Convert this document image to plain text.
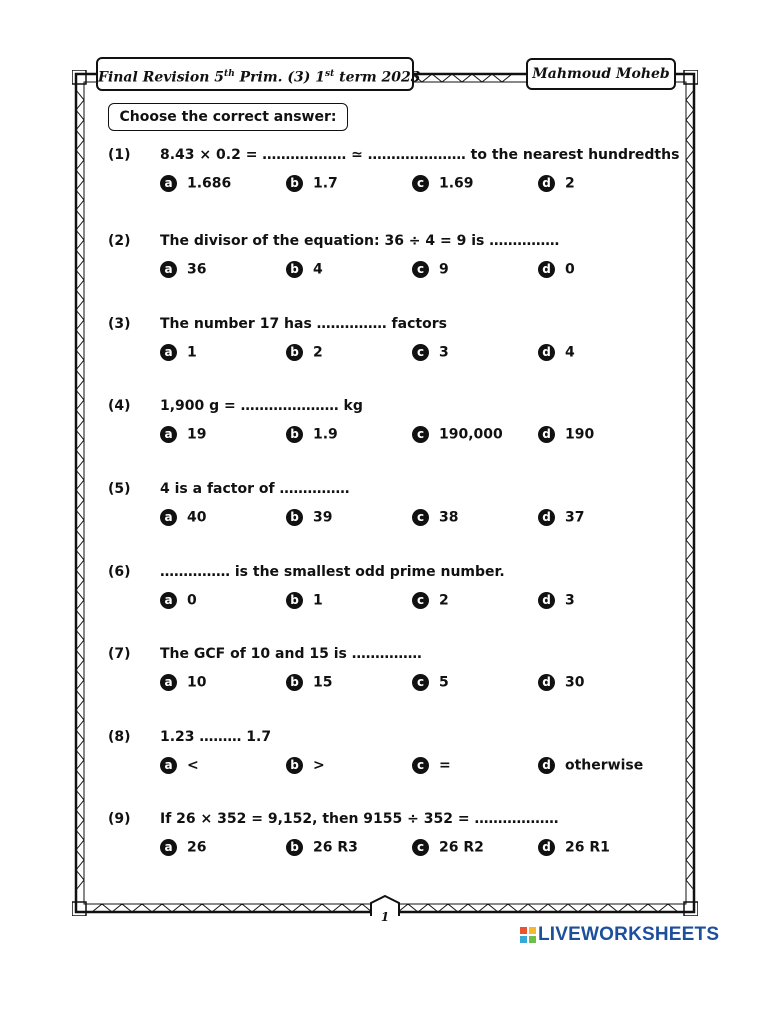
Final Revision 5th Prim. (3) 1st term 2023	Mahmoud Moheb
Choose the correct answer:
(1) 8.43 × 0.2 = ……………… ≃ ………………… to the nearest hundredths
a 1.686	b 1.7	c 1.69	d 2
(2) The divisor of the equation: 36 ÷ 4 = 9 is ……………
a 36	b 4	c 9	d 0
(3) The number 17 has …………… factors
a 1	b 2	c 3	d 4
(4) 1,900 g = ………………… kg
a 19	b 1.9	c 190,000	d 190
(5) 4 is a factor of ……………
a 40	b 39	c 38	d 37
(6) …………… is the smallest odd prime number.
a 0	b 1	c 2	d 3
(7) The GCF of 10 and 15 is ……………
a 10	b 15	c 5	d 30
(8) 1.23 ……… 1.7
a <	b >	c =	d otherwise
(9) If 26 × 352 = 9,152, then 9155 ÷ 352 = ………………
a 26	b 26 R3	c 26 R2	d 26 R1
1
LIVEWORKSHEETS
